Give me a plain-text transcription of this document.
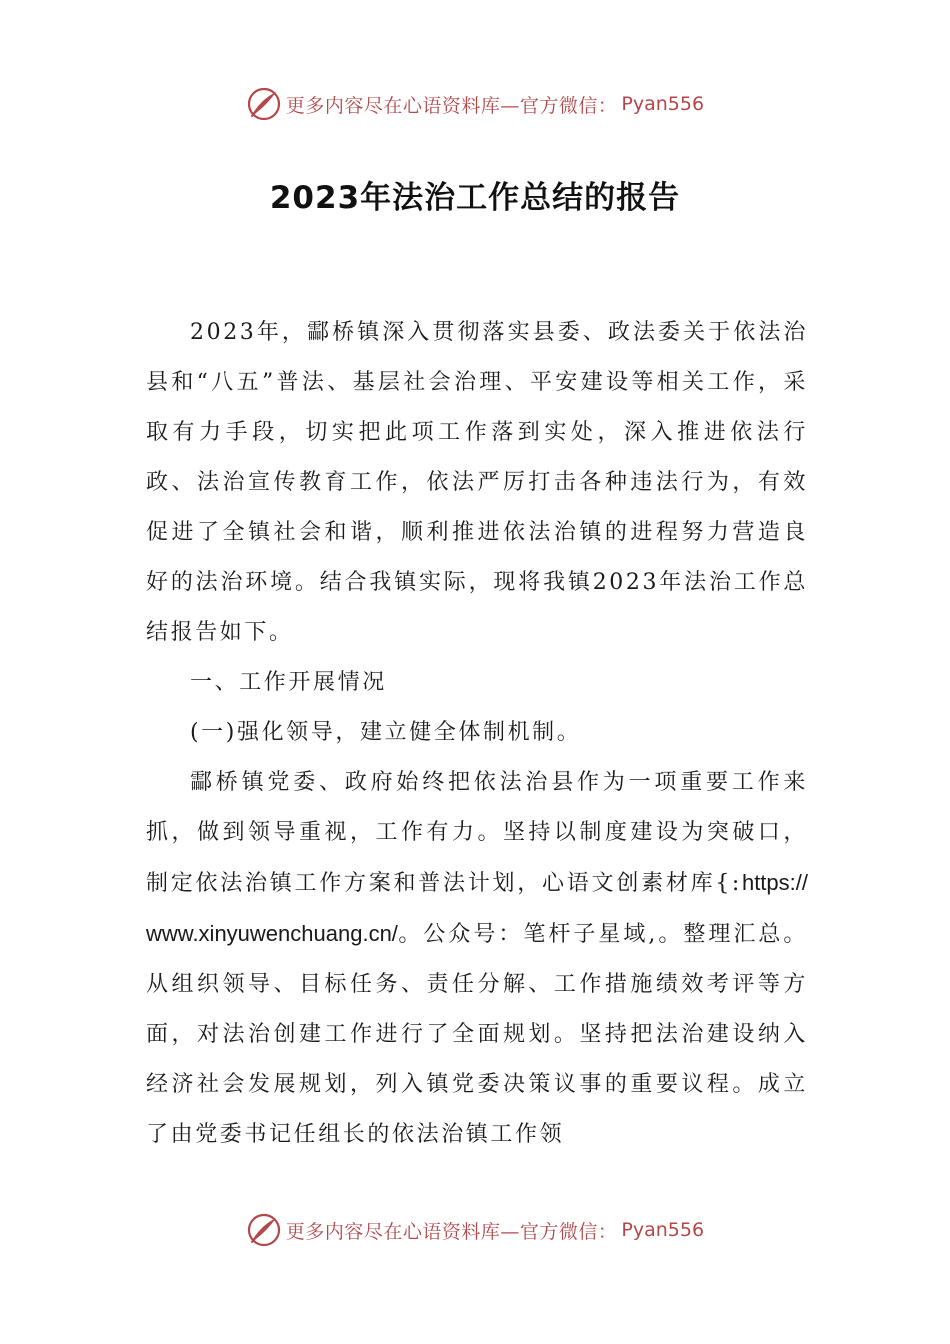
更多内容尽在心语资料库—官方微信： Pyan556
2023年法治工作总结的报告

2023年，酃桥镇深入贯彻落实县委、政法委关于依法治县和“八五”普法、基层社会治理、平安建设等相关工作，采取有力手段，切实把此项工作落到实处，深入推进依法行政、法治宣传教育工作，依法严厉打击各种违法行为，有效促进了全镇社会和谐，顺利推进依法治镇的进程努力营造良好的法治环境。结合我镇实际，现将我镇2023年法治工作总结报告如下。

一、工作开展情况

(一)强化领导，建立健全体制机制。

酃桥镇党委、政府始终把依法治县作为一项重要工作来抓，做到领导重视，工作有力。坚持以制度建设为突破口，制定依法治镇工作方案和普法计划，心语文创素材库{:https://www.xinyuwenchuang.cn/。公众号：笔杆子星域,。整理汇总。从组织领导、目标任务、责任分解、工作措施绩效考评等方面，对法治创建工作进行了全面规划。坚持把法治建设纳入经济社会发展规划，列入镇党委决策议事的重要议程。成立了由党委书记任组长的依法治镇工作领

更多内容尽在心语资料库—官方微信： Pyan556
